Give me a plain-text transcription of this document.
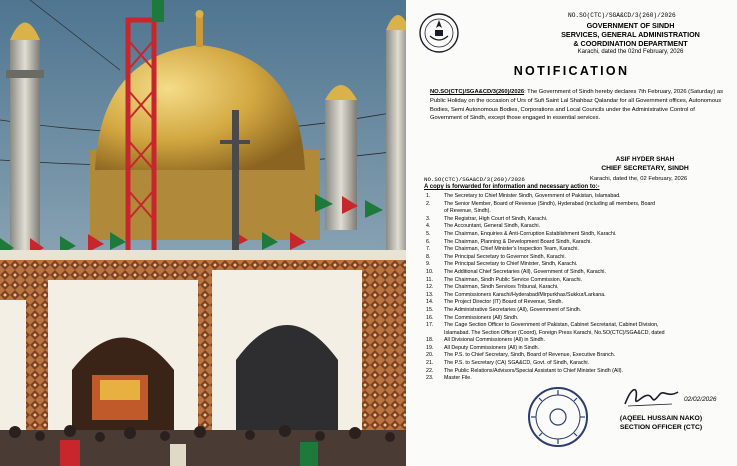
NO.SO(CTC)/SGA&CD/3(260)/2026
GOVERNMENT OF SINDH
SERVICES, GENERAL ADMINISTRATION
& COORDINATION DEPARTMENT
Karachi, dated the 02nd February, 2026
NOTIFICATION
NO.SO(CTC)/SGA&CD/3(260)/2026: The Government of Sindh hereby declares 7th February, 2026 (Saturday) as Public Holiday on the occasion of Urs of Sufi Saint Lal Shahbaz Qalandar for all Government offices, Autonomous Bodies, Semi Autonomous Bodies, Corporations and Local Councils under the Administrative Control of Government of Sindh, except those engaged in essential services.
ASIF HYDER SHAH
CHIEF SECRETARY, SINDH
NO.SO(CTC)/SGA&CD/3(260)/2026	Karachi, dated the, 02 February, 2026
A copy is forwarded for information and necessary action to:-
1.	The Secretary to Chief Minister Sindh, Government of Pakistan, Islamabad.
2.	The Senior Member, Board of Revenue (Sindh), Hyderabad (including all members, Board
of Revenue, Sindh).
3.	The Registrar, High Court of Sindh, Karachi.
4.	The Accountant, General Sindh, Karachi.
5.	The Chairman, Enquiries & Anti-Corruption Establishment Sindh, Karachi.
6.	The Chairman, Planning & Development Board Sindh, Karachi.
7.	The Chairman, Chief Minister's Inspection Team, Karachi.
8.	The Principal Secretary to Governor Sindh, Karachi.
9.	The Principal Secretary to Chief Minister, Sindh, Karachi.
10.	The Additional Chief Secretaries (All), Government of Sindh, Karachi.
11.	The Chairman, Sindh Public Service Commission, Karachi.
12.	The Chairman, Sindh Services Tribunal, Karachi.
13.	The Commissioners Karachi/Hyderabad/Mirpurkhas/Sukkur/Larkana.
14.	The Project Director (IT) Board of Revenue, Sindh.
15.	The Administrative Secretaries (All), Government of Sindh.
16.	The Commissioners (All) Sindh.
17.	The Cage Section Officer to Government of Pakistan, Cabinet Secretariat, Cabinet Division,
Islamabad. The Section Officer (Coord), Foreign Press Karachi, No.SO(CTC)/SGA&CD, dated
18.	All Divisional Commissioners (All) in Sindh.
19.	All Deputy Commissioners (All) in Sindh.
20.	The P.S. to Chief Secretary, Sindh, Board of Revenue, Executive Branch.
21.	The P.S. to Secretary (CA) SGA&CD, Govt. of Sindh, Karachi.
22.	The Public Relations/Advisors/Special Assistant to Chief Minister Sindh (All).
23.	Master File.
02/02/2026
(AQEEL HUSSAIN NAKO)
SECTION OFFICER (CTC)
